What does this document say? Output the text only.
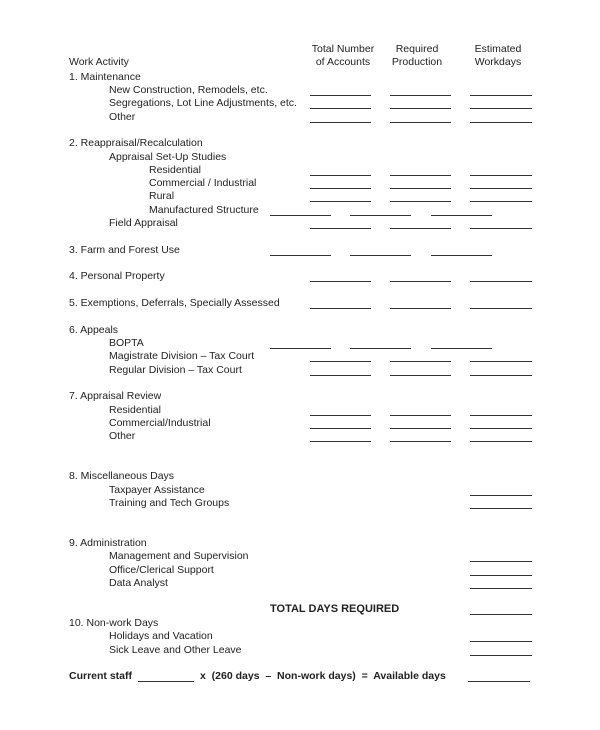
Work Activity
Total Number
of Accounts
Required
Production
Estimated
Workdays
1. Maintenance
New Construction, Remodels, etc.
Segregations, Lot Line Adjustments, etc.
Other
2. Reappraisal/Recalculation
Appraisal Set-Up Studies
Residential
Commercial / Industrial
Rural
Manufactured Structure
Field Appraisal
3. Farm and Forest Use
4. Personal Property
5. Exemptions, Deferrals, Specially Assessed
6. Appeals
BOPTA
Magistrate Division – Tax Court
Regular Division – Tax Court
7. Appraisal Review
Residential
Commercial/Industrial
Other
8. Miscellaneous Days
Taxpayer Assistance
Training and Tech Groups
9. Administration
Management and Supervision
Office/Clerical Support
Data Analyst
10. Non-work Days
Holidays and Vacation
Sick Leave and Other Leave
TOTAL DAYS REQUIRED
Current staff	x  (260 days  –  Non-work days)  =  Available days
